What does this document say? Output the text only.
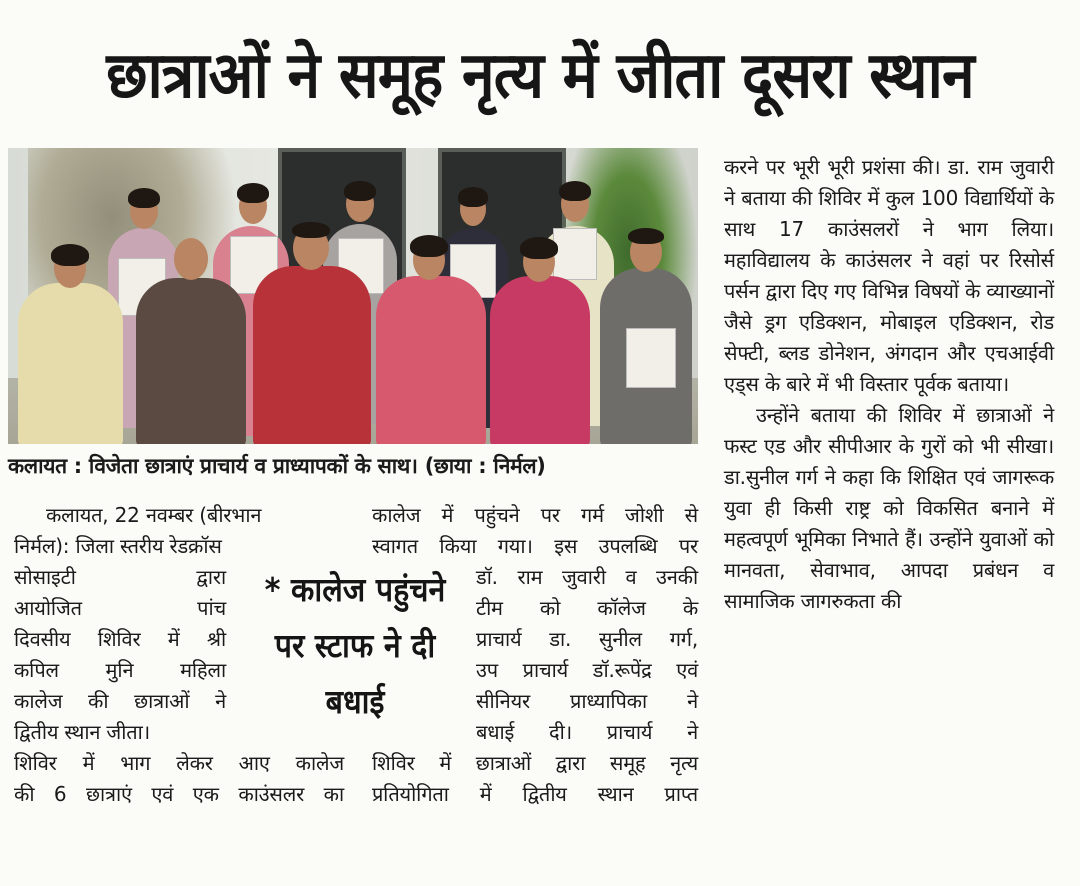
छात्राओं ने समूह नृत्य में जीता दूसरा स्थान
कलायत : विजेता छात्राएं प्राचार्य व प्राध्यापकों के साथ। (छाया : निर्मल)

कलायत, 22 नवम्बर (बीरभान

निर्मल): जिला स्तरीय रेडक्रॉस
सोसाइटी द्वारा
आयोजित पांच
दिवसीय शिविर में श्री
कपिल मुनि महिला
कालेज की छात्राओं ने
द्वितीय स्थान जीता।
शिविर में भाग लेकर आए कालेज
की 6 छात्राएं एवं एक काउंसलर का
कालेज में पहुंचने पर गर्म जोशी से
स्वागत किया गया। इस उपलब्धि पर
डॉ. राम जुवारी व उनकी
टीम को कॉलेज के
प्राचार्य डा. सुनील गर्ग,
उप प्राचार्य डॉ.रूपेंद्र एवं
सीनियर प्राध्यापिका ने
बधाई दी। प्राचार्य ने
शिविर में छात्राओं द्वारा समूह नृत्य
प्रतियोगिता में द्वितीय स्थान प्राप्त
* कालेज पहुंचने पर स्टाफ ने दी बधाई

करने पर भूरी भूरी प्रशंसा की। डा. राम जुवारी ने बताया की शिविर में कुल 100 विद्यार्थियों के साथ 17 काउंसलरों ने भाग लिया। महाविद्यालय के काउंसलर ने वहां पर रिसोर्स पर्सन द्वारा दिए गए विभिन्न विषयों के व्याख्यानों जैसे ड्रग एडिक्शन, मोबाइल एडिक्शन, रोड सेफ्टी, ब्लड डोनेशन, अंगदान और एचआईवी एड्स के बारे में भी विस्तार पूर्वक बताया।

उन्होंने बताया की शिविर में छात्राओं ने फस्ट एड और सीपीआर के गुरों को भी सीखा। डा.सुनील गर्ग ने कहा कि शिक्षित एवं जागरूक युवा ही किसी राष्ट्र को विकसित बनाने में महत्वपूर्ण भूमिका निभाते हैं। उन्होंने युवाओं को मानवता, सेवाभाव, आपदा प्रबंधन व सामाजिक जागरुकता की
